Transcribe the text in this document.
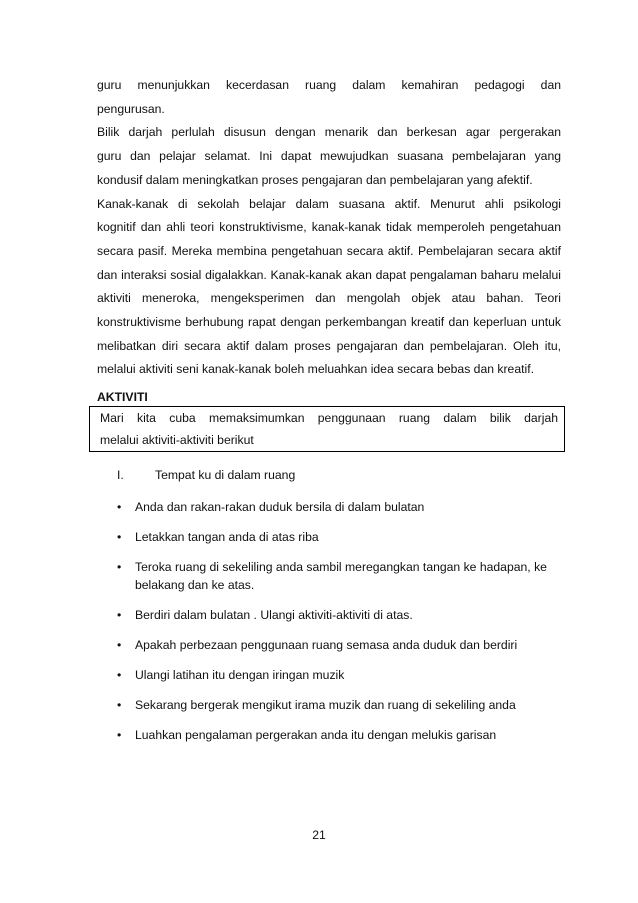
guru menunjukkan kecerdasan ruang dalam kemahiran pedagogi dan

pengurusan.

Bilik darjah perlulah disusun dengan menarik dan berkesan agar pergerakan

guru dan pelajar selamat. Ini dapat mewujudkan suasana pembelajaran yang kondusif dalam meningkatkan proses pengajaran dan pembelajaran yang afektif.

Kanak-kanak di sekolah belajar dalam suasana aktif. Menurut ahli psikologi

kognitif dan ahli teori konstruktivisme, kanak-kanak tidak memperoleh pengetahuan secara pasif. Mereka membina pengetahuan secara aktif. Pembelajaran secara aktif dan interaksi sosial digalakkan. Kanak-kanak akan dapat pengalaman baharu melalui aktiviti meneroka, mengeksperimen dan mengolah objek atau bahan. Teori konstruktivisme berhubung rapat dengan perkembangan kreatif dan keperluan untuk melibatkan diri secara aktif dalam proses pengajaran dan pembelajaran. Oleh itu, melalui aktiviti seni kanak-kanak boleh meluahkan idea secara bebas dan kreatif.

AKTIVITI

Mari kita cuba memaksimumkan penggunaan ruang dalam bilik darjah

melalui aktiviti-aktiviti berikut

I.	Tempat ku di dalam ruang
•	Anda dan rakan-rakan duduk bersila di dalam bulatan
•	Letakkan tangan anda di atas riba
•	Teroka ruang di sekeliling anda sambil meregangkan tangan ke hadapan, ke belakang dan ke atas.
•	Berdiri dalam bulatan . Ulangi aktiviti-aktiviti di atas.
•	Apakah perbezaan penggunaan ruang semasa anda duduk dan berdiri
•	Ulangi latihan itu dengan iringan muzik
•	Sekarang bergerak mengikut irama muzik dan ruang di sekeliling anda
•	Luahkan pengalaman pergerakan anda itu dengan melukis garisan
21
